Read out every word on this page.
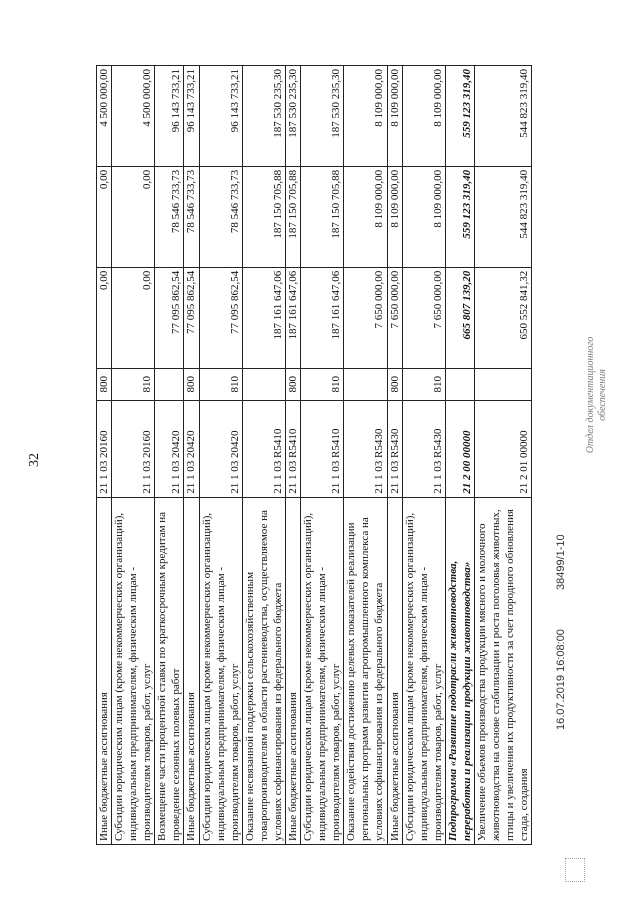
32
Иные бюджетные ассигнования	21 1 03 20160	800	0,00	0,00	4 500 000,00
Субсидии юридическим лицам (кроме некоммерческих организаций), индивидуальным предпринимателям, физическим лицам - производителям товаров, работ, услуг	21 1 03 20160	810	0,00	0,00	4 500 000,00
Возмещение части процентной ставки по краткосрочным кредитам на проведение сезонных полевых работ	21 1 03 20420		77 095 862,54	78 546 733,73	96 143 733,21
Иные бюджетные ассигнования	21 1 03 20420	800	77 095 862,54	78 546 733,73	96 143 733,21
Субсидии юридическим лицам (кроме некоммерческих организаций), индивидуальным предпринимателям, физическим лицам - производителям товаров, работ, услуг	21 1 03 20420	810	77 095 862,54	78 546 733,73	96 143 733,21
Оказание несвязанной поддержки сельскохозяйственным товаропроизводителям в области растениеводства, осуществляемое на условиях софинансирования из федерального бюджета	21 1 03 R5410		187 161 647,06	187 150 705,88	187 530 235,30
Иные бюджетные ассигнования	21 1 03 R5410	800	187 161 647,06	187 150 705,88	187 530 235,30
Субсидии юридическим лицам (кроме некоммерческих организаций), индивидуальным предпринимателям, физическим лицам - производителям товаров, работ, услуг	21 1 03 R5410	810	187 161 647,06	187 150 705,88	187 530 235,30
Оказание содействия достижению целевых показателей реализации региональных программ развития агропромышленного комплекса на условиях софинансирования из федерального бюджета	21 1 03 R5430		7 650 000,00	8 109 000,00	8 109 000,00
Иные бюджетные ассигнования	21 1 03 R5430	800	7 650 000,00	8 109 000,00	8 109 000,00
Субсидии юридическим лицам (кроме некоммерческих организаций), индивидуальным предпринимателям, физическим лицам - производителям товаров, работ, услуг	21 1 03 R5430	810	7 650 000,00	8 109 000,00	8 109 000,00
Подпрограмма «Развитие подотрасли животноводства, переработки и реализации продукции животноводства»	21 2 00 00000		665 807 139,20	559 123 319,40	559 123 319,40
Увеличение объемов производства продукции мясного и молочного животноводства на основе стабилизации и роста поголовья животных, птицы и увеличения их продуктивности за счет породного обновления стада, создания	21 2 01 00000		650 552 841,32	544 823 319,40	544 823 319,40
Отдел документационного обеспечения
16.07.2019 16:08:00 38499/1-10
